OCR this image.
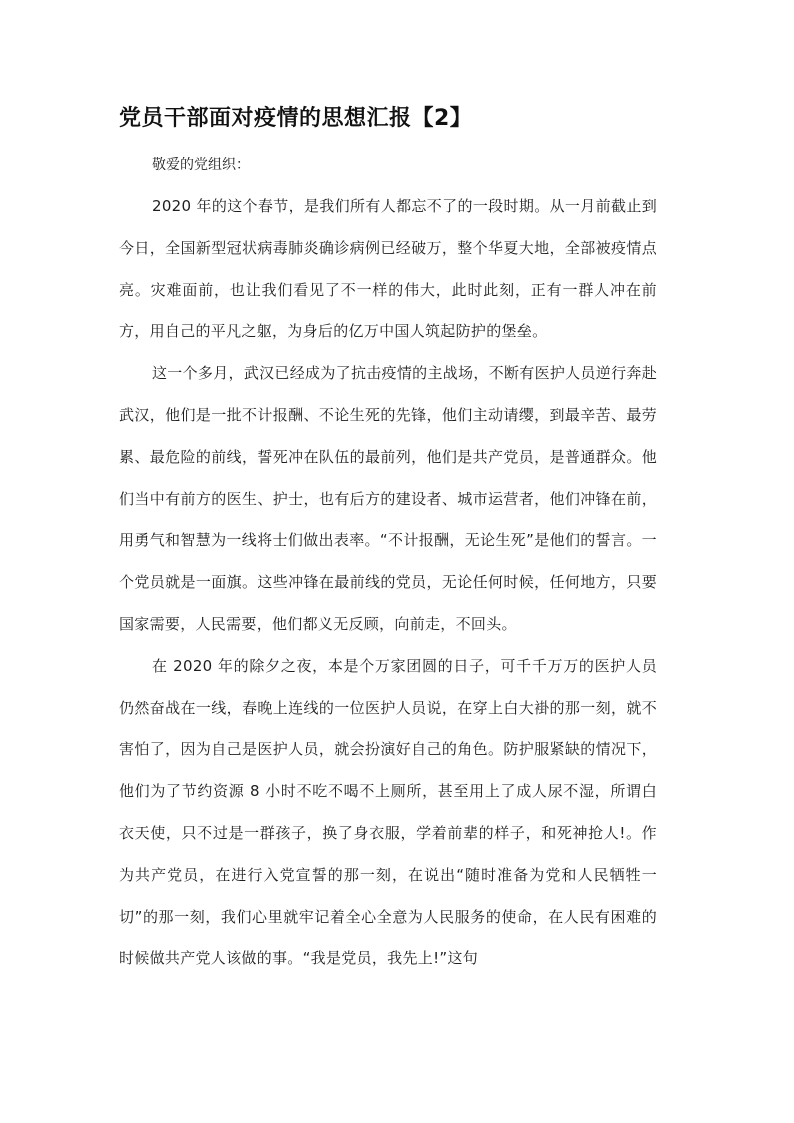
党员干部面对疫情的思想汇报【2】

敬爱的党组织：

2020 年的这个春节，是我们所有人都忘不了的一段时期。从一月前截止到今日，全国新型冠状病毒肺炎确诊病例已经破万，整个华夏大地，全部被疫情点亮。灾难面前，也让我们看见了不一样的伟大，此时此刻，正有一群人冲在前方，用自己的平凡之躯，为身后的亿万中国人筑起防护的堡垒。

这一个多月，武汉已经成为了抗击疫情的主战场，不断有医护人员逆行奔赴武汉，他们是一批不计报酬、不论生死的先锋，他们主动请缨，到最辛苦、最劳累、最危险的前线，誓死冲在队伍的最前列，他们是共产党员，是普通群众。他们当中有前方的医生、护士，也有后方的建设者、城市运营者，他们冲锋在前，用勇气和智慧为一线将士们做出表率。“不计报酬，无论生死”是他们的誓言。一个党员就是一面旗。这些冲锋在最前线的党员，无论任何时候，任何地方，只要国家需要，人民需要，他们都义无反顾，向前走，不回头。

在 2020 年的除夕之夜，本是个万家团圆的日子，可千千万万的医护人员仍然奋战在一线，春晚上连线的一位医护人员说，在穿上白大褂的那一刻，就不害怕了，因为自己是医护人员，就会扮演好自己的角色。防护服紧缺的情况下，他们为了节约资源 8 小时不吃不喝不上厕所，甚至用上了成人尿不湿，所谓白衣天使，只不过是一群孩子，换了身衣服，学着前辈的样子，和死神抢人!。作为共产党员，在进行入党宣誓的那一刻，在说出“随时准备为党和人民牺牲一切”的那一刻，我们心里就牢记着全心全意为人民服务的使命，在人民有困难的时候做共产党人该做的事。“我是党员，我先上!”这句
